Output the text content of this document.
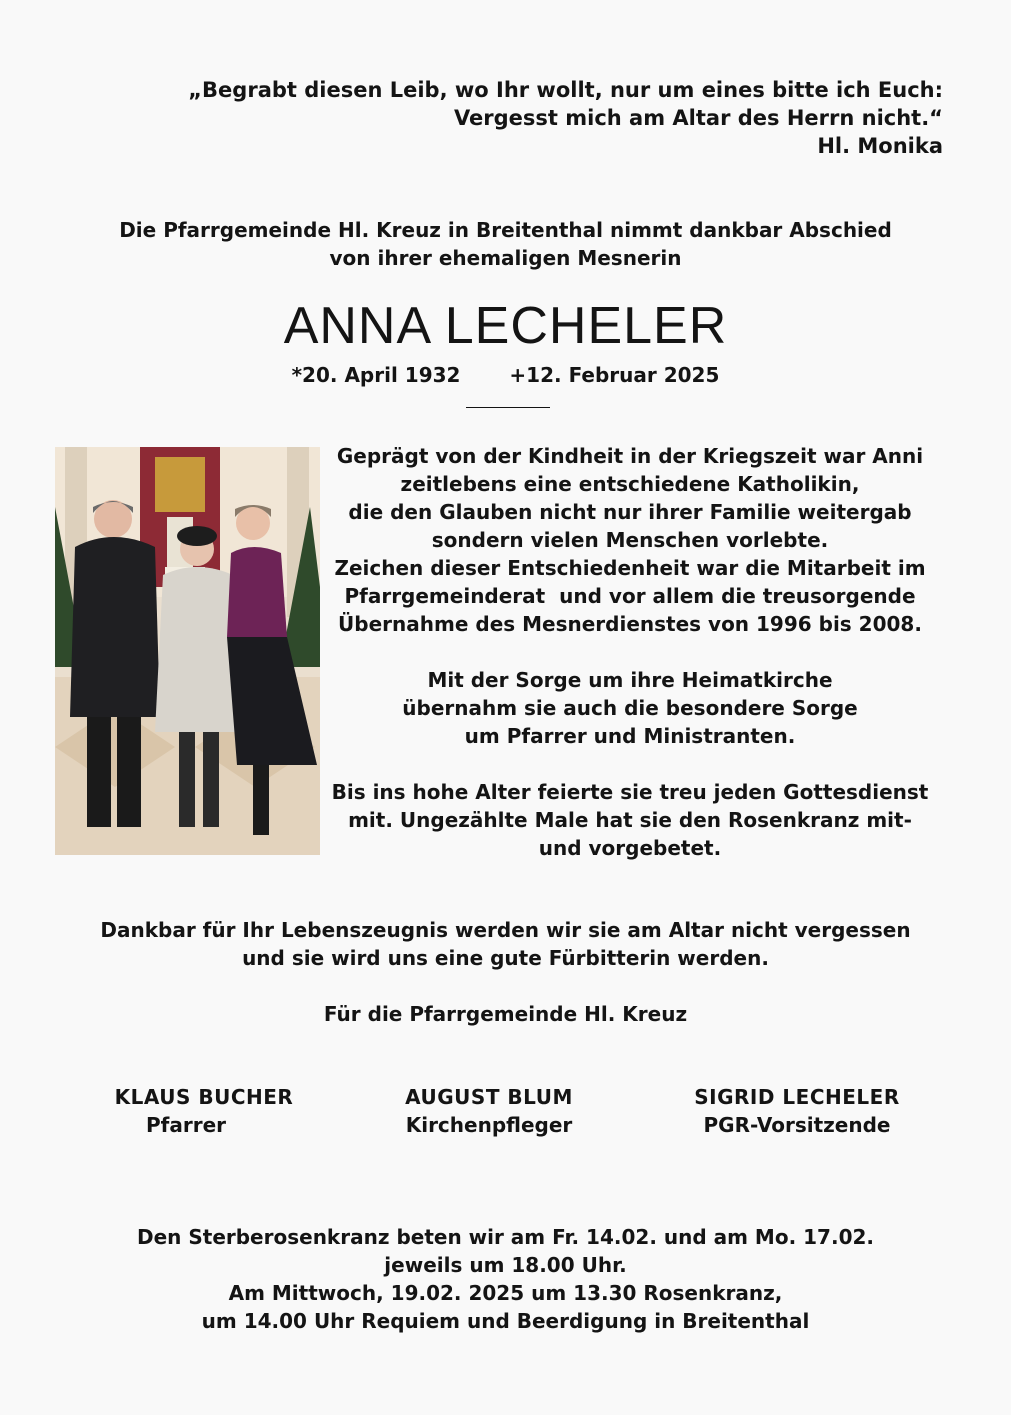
„Begrabt diesen Leib, wo Ihr wollt, nur um eines bitte ich Euch:
Vergesst mich am Altar des Herrn nicht.“
Hl. Monika
Die Pfarrgemeinde Hl. Kreuz in Breitenthal nimmt dankbar Abschied
von ihrer ehemaligen Mesnerin
ANNA LECHELER
*20. April 1932 +12. Februar 2025

Geprägt von der Kindheit in der Kriegszeit war Anni
zeitlebens eine entschiedene Katholikin,
die den Glauben nicht nur ihrer Familie weitergab
sondern vielen Menschen vorlebte.
Zeichen dieser Entschiedenheit war die Mitarbeit im
Pfarrgemeinderat  und vor allem die treusorgende
Übernahme des Mesnerdienstes von 1996 bis 2008.

Mit der Sorge um ihre Heimatkirche
übernahm sie auch die besondere Sorge
um Pfarrer und Ministranten.

Bis ins hohe Alter feierte sie treu jeden Gottesdienst
mit. Ungezählte Male hat sie den Rosenkranz mit-
und vorgebetet.

Dankbar für Ihr Lebenszeugnis werden wir sie am Altar nicht vergessen
und sie wird uns eine gute Fürbitterin werden.
Für die Pfarrgemeinde Hl. Kreuz
KLAUS BUCHER
Pfarrer
AUGUST BLUM
Kirchenpfleger
SIGRID LECHELER
PGR-Vorsitzende
Den Sterberosenkranz beten wir am Fr. 14.02. und am Mo. 17.02.
jeweils um 18.00 Uhr.
Am Mittwoch, 19.02. 2025 um 13.30 Rosenkranz,
um 14.00 Uhr Requiem und Beerdigung in Breitenthal
